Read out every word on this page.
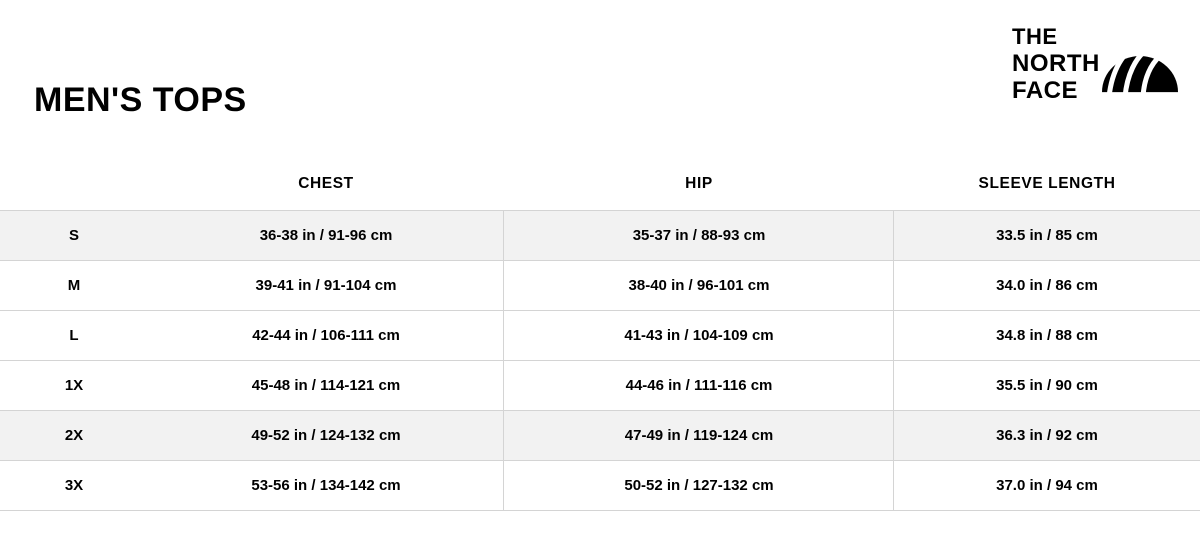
MEN'S TOPS
THE
NORTH
FACE
	CHEST	HIP	SLEEVE LENGTH
S	36-38 in / 91-96 cm	35-37 in / 88-93 cm	33.5 in / 85 cm
M	39-41 in / 91-104 cm	38-40 in / 96-101 cm	34.0 in / 86 cm
L	42-44 in / 106-111 cm	41-43 in / 104-109 cm	34.8 in / 88 cm
1X	45-48 in / 114-121 cm	44-46 in / 111-116 cm	35.5 in / 90 cm
2X	49-52 in / 124-132 cm	47-49 in / 119-124 cm	36.3 in / 92 cm
3X	53-56 in / 134-142 cm	50-52 in / 127-132 cm	37.0 in / 94 cm
